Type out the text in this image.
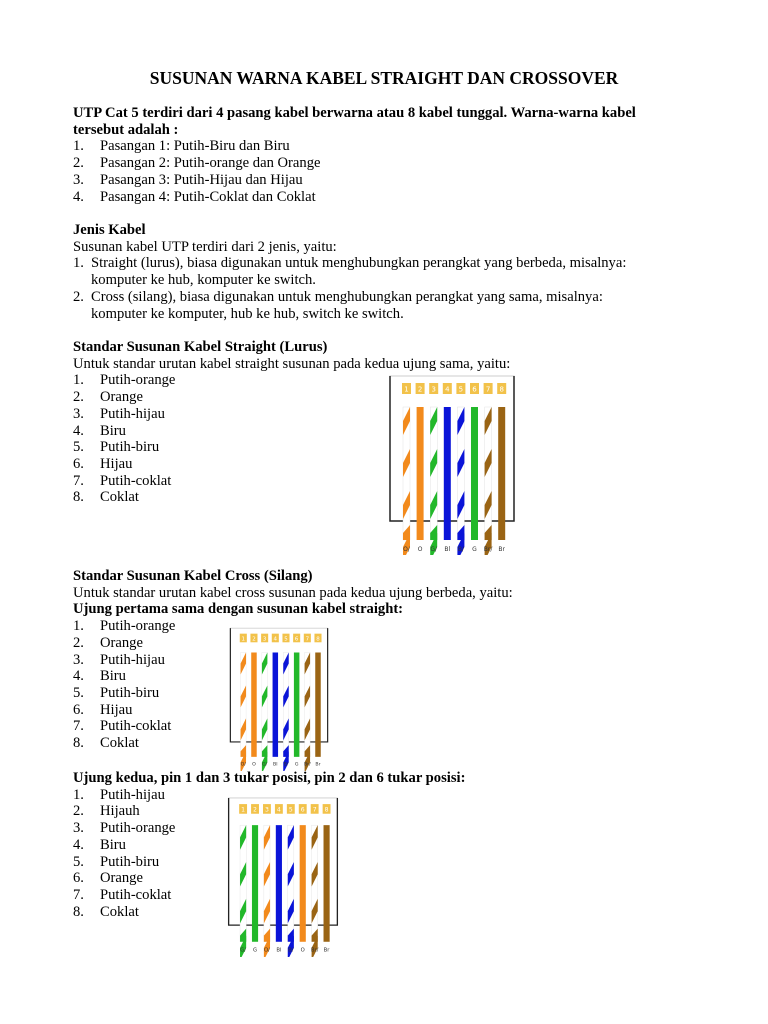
SUSUNAN WARNA KABEL STRAIGHT DAN CROSSOVER
UTP Cat 5 terdiri dari 4 pasang kabel berwarna atau 8 kabel tunggal. Warna-warna kabel
tersebut adalah :
1.	Pasangan 1: Putih-Biru dan Biru
2.	Pasangan 2: Putih-orange dan Orange
3.	Pasangan 3: Putih-Hijau dan Hijau
4.	Pasangan 4: Putih-Coklat dan Coklat
Jenis Kabel
Susunan kabel UTP terdiri dari 2 jenis, yaitu:
1. Straight (lurus), biasa digunakan untuk menghubungkan perangkat yang berbeda, misalnya:
komputer ke hub, komputer ke switch.
2. Cross (silang), biasa digunakan untuk menghubungkan perangkat yang sama, misalnya:
komputer ke komputer, hub ke hub, switch ke switch.
Standar Susunan Kabel Straight (Lurus)
Untuk standar urutan kabel straight susunan pada kedua ujung sama, yaitu:
1.	Putih-orange
2.	Orange
3.	Putih-hijau
4.	Biru
5.	Putih-biru
6.	Hijau
7.	Putih-coklat
8.	Coklat
Standar Susunan Kabel Cross (Silang)
Untuk standar urutan kabel cross susunan pada kedua ujung berbeda, yaitu:
Ujung pertama sama dengan susunan kabel straight:
1.	Putih-orange
2.	Orange
3.	Putih-hijau
4.	Biru
5.	Putih-biru
6.	Hijau
7.	Putih-coklat
8.	Coklat
Ujung kedua, pin 1 dan 3 tukar posisi, pin 2 dan 6 tukar posisi:
1.	Putih-hijau
2.	Hijauh
3.	Putih-orange
4.	Biru
5.	Putih-biru
6.	Orange
7.	Putih-coklat
8.	Coklat
1
O/
2
O
3
G/
4
Bl
5
B/
6
G
7
Br/
8
Br
1
O/
2
O
3
G/
4
Bl
5
B/
6
G
7
Br/
8
Br
1
G/
2
G
3
O/
4
Bl
5
B/
6
O
7
Br/
8
Br
